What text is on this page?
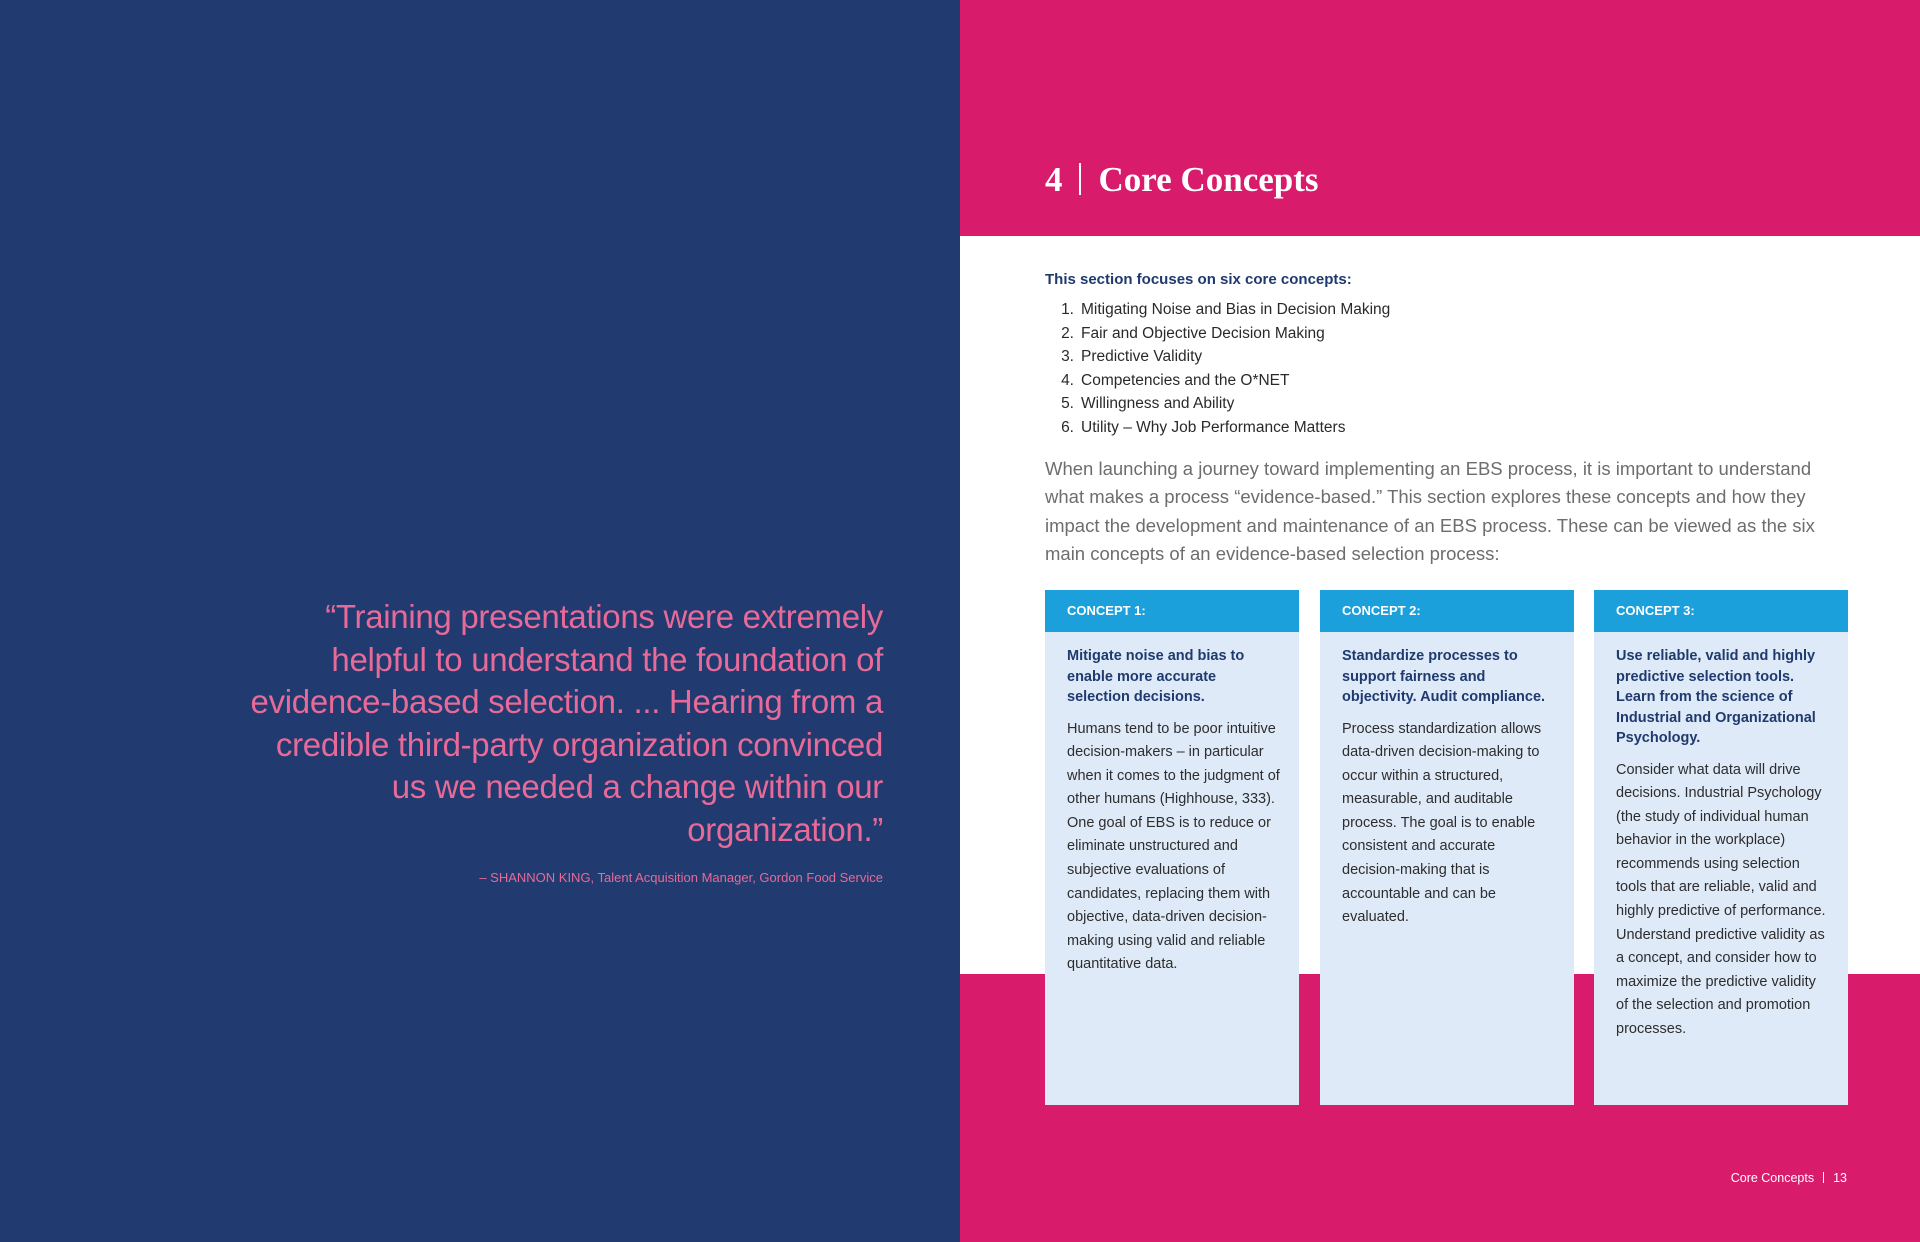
“Training presentations were extremely helpful to understand the foundation of evidence-based selection. ... Hearing from a credible third-party organization convinced us we needed a change within our organization.”

– SHANNON KING, Talent Acquisition Manager, Gordon Food Service

4 Core Concepts

This section focuses on six core concepts:

1. Mitigating Noise and Bias in Decision Making
2. Fair and Objective Decision Making
3. Predictive Validity
4. Competencies and the O*NET
5. Willingness and Ability
6. Utility – Why Job Performance Matters

When launching a journey toward implementing an EBS process, it is important to understand what makes a process “evidence-based.” This section explores these concepts and how they impact the development and maintenance of an EBS process. These can be viewed as the six main concepts of an evidence-based selection process:

CONCEPT 1:
Mitigate noise and bias to enable more accurate selection decisions.
Humans tend to be poor intuitive decision-makers – in particular when it comes to the judgment of other humans (Highhouse, 333). One goal of EBS is to reduce or eliminate unstructured and subjective evaluations of candidates, replacing them with objective, data-driven decision-making using valid and reliable quantitative data.
CONCEPT 2:
Standardize processes to support fairness and objectivity. Audit compliance.
Process standardization allows data-driven decision-making to occur within a structured, measurable, and auditable process. The goal is to enable consistent and accurate decision-making that is accountable and can be evaluated.
CONCEPT 3:
Use reliable, valid and highly predictive selection tools. Learn from the science of Industrial and Organizational Psychology.
Consider what data will drive decisions. Industrial Psychology (the study of individual human behavior in the workplace) recommends using selection tools that are reliable, valid and highly predictive of performance. Understand predictive validity as a concept, and consider how to maximize the predictive validity of the selection and promotion processes.

Core Concepts 13
